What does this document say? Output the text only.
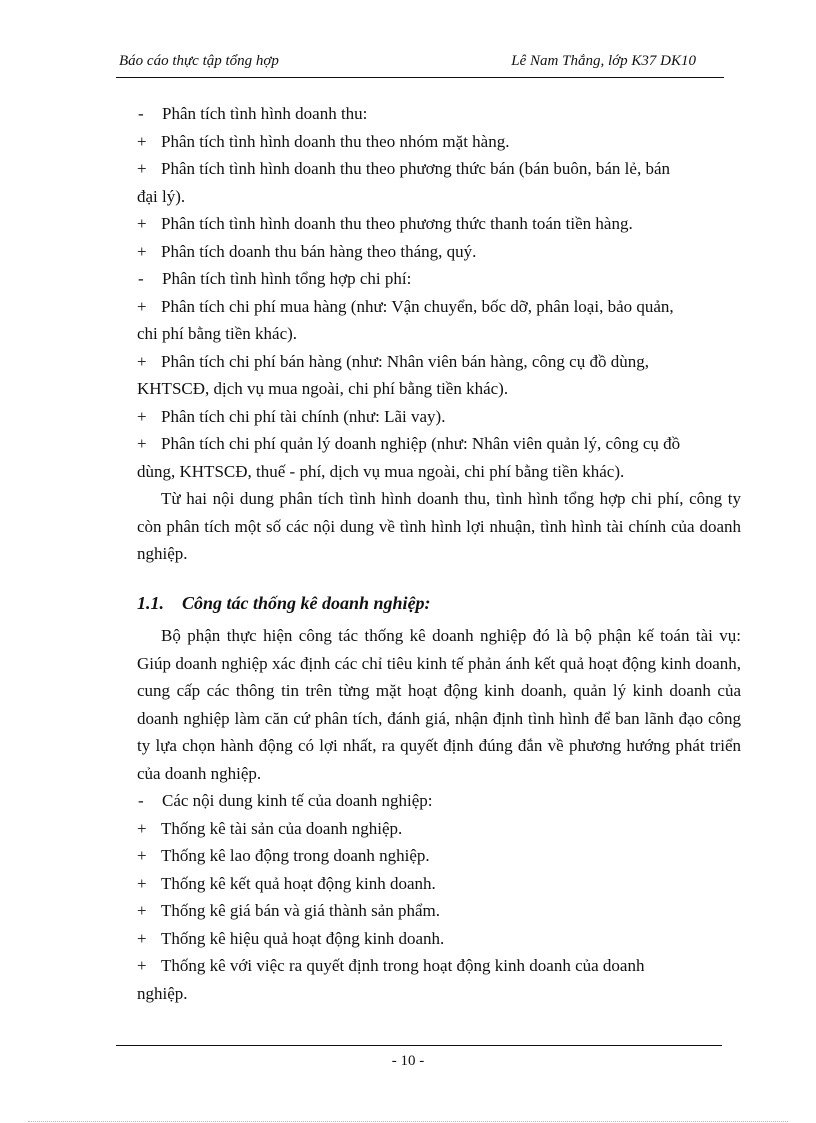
Báo cáo thực tập tổng hợp	Lê Nam Thắng, lớp K37 DK10
-	Phân tích tình hình doanh thu:
+ Phân tích tình hình doanh thu theo nhóm mặt hàng.
+ Phân tích tình hình doanh thu theo phương thức bán (bán buôn, bán lẻ, bán
đại lý).
+ Phân tích tình hình doanh thu theo phương thức thanh toán tiền hàng.
+ Phân tích doanh thu bán hàng theo tháng, quý.
-	Phân tích tình hình tổng hợp chi phí:
+ Phân tích chi phí mua hàng (như: Vận chuyển, bốc dỡ, phân loại, bảo quản,
chi phí bằng tiền khác).
+ Phân tích chi phí bán hàng (như: Nhân viên bán hàng, công cụ đồ dùng,
KHTSCĐ, dịch vụ mua ngoài, chi phí bằng tiền khác).
+ Phân tích chi phí tài chính (như: Lãi vay).
+ Phân tích chi phí quản lý doanh nghiệp (như: Nhân viên quản lý, công cụ đồ
dùng, KHTSCĐ, thuế - phí, dịch vụ mua ngoài, chi phí bằng tiền khác).

Từ hai nội dung phân tích tình hình doanh thu, tình hình tổng hợp chi phí, công ty còn phân tích một số các nội dung về tình hình lợi nhuận, tình hình tài chính của doanh nghiệp.

1.1. Công tác thống kê doanh nghiệp:

Bộ phận thực hiện công tác thống kê doanh nghiệp đó là bộ phận kế toán tài vụ: Giúp doanh nghiệp xác định các chỉ tiêu kinh tế phản ánh kết quả hoạt động kinh doanh, cung cấp các thông tin trên từng mặt hoạt động kinh doanh, quản lý kinh doanh của doanh nghiệp làm căn cứ phân tích, đánh giá, nhận định tình hình để ban lãnh đạo công ty lựa chọn hành động có lợi nhất, ra quyết định đúng đắn về phương hướng phát triển của doanh nghiệp.

-	Các nội dung kinh tế của doanh nghiệp:
+ Thống kê tài sản của doanh nghiệp.
+ Thống kê lao động trong doanh nghiệp.
+ Thống kê kết quả hoạt động kinh doanh.
+ Thống kê giá bán và giá thành sản phẩm.
+ Thống kê hiệu quả hoạt động kinh doanh.
+ Thống kê với việc ra quyết định trong hoạt động kinh doanh của doanh
nghiệp.
- 10 -
